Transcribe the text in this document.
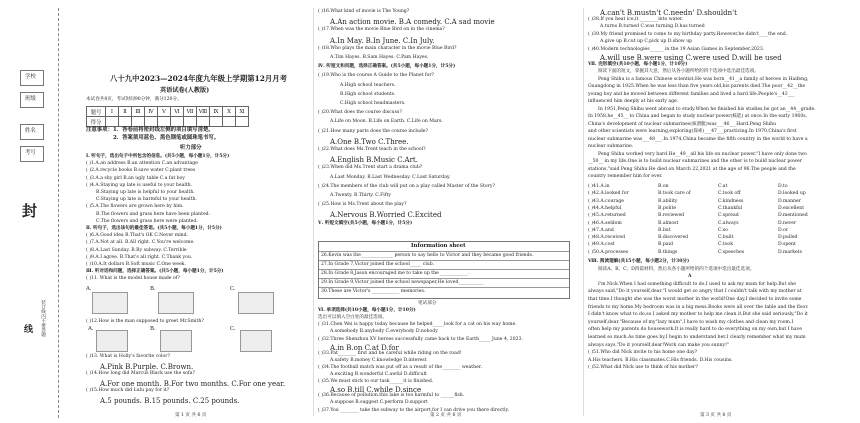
学校
班级
姓名
考号
封
线 装订线内不要答题
八十九中2023—2024年度九年级上学期第12月月考
英语试卷(人教版)
本试卷共8页，考试时间90分钟，满分120分。
题号	Ⅰ	Ⅱ	Ⅲ	Ⅳ	Ⅴ	Ⅵ	Ⅶ	Ⅷ	Ⅸ	Ⅹ	Ⅺ
得分											
注意事项：1．答卷前将密封线左侧的项目填写清楚。
2．答案须用蓝色、黑色钢笔或圆珠笔书写。
听力部分
Ⅰ. 听句子，选出句子中所包含的信息。(共5小题，每小题1分，计5分)
( )1.A.an address B.an attention C.an advantage
( )2.A.recycle books B.save water C.plant trees
( )3.A.a shy girl B.an ugly table C.a fat boy
( )4.A.Staying up late is useful to your health.
B.Staying up late is helpful to your health.
C.Staying up late is harmful to your health.
( )5.A.The flowers are grown here by him.
B.The flowers and grass here have been planted.
C.The flowers and grass here were planted.
Ⅱ. 听句子，选出该句的最佳答语。(共5小题，每小题1分，计5分)
( )6.A.Good idea B.That's OK C.Never mind.
( )7.A.Not at all. B.All right. C.You're welcome.
( )8.A.Last Sunday. B.By subway. C.Terrible
( )9.A.I agree. B.That's all right. C.Thank you.
( )10.A.It dollars B.Soft music C.One week.
Ⅲ. 听对话和问题，选择正确答案。(共5小题，每小题1分，计5分)
( )11. What is the model house made of?
A.	B.	C.
( )12.How is the man supposed to greet Mr.Smith?
A.	B.	C.
( )13. What is Holly's favorite color?
A.Pink B.Purple. C.Brown.
( )14.How long did Marcus Black use the sofa?
A.For one month. B.For two months. C.For one year.
( )15.How much did Lulu pay for it?
A.5 pounds. B.15 pounds. C.25 pounds.
第 1 页 共 6 页
( )16.What kind of movie is The Young?
A.An action movie. B.A comedy. C.A sad movie
( )17.When was the movie Blue Bird on in the cinema?
A.In May. B.In June. C.In July.
( )18.Who plays the main character in the movie Blue Bird?
A.Tim Hayes. B.Sam Hayes. C.Pam Hayes.
Ⅳ. 听短文和问题，选择正确答案。(共5小题，每小题1分，计5分)
( )19.Who is the course A Guide to the Planet for?
A.High school teachers.
B.High school students.
C.High school headmasters.
( )20.What does the course discuss?
A.Life on Moon. B.Life on Earth. C.Life on Mars.
( )21.How many parts does the course include?
A.One B.Two C.Three.
( )22.What does Ms.Trent teach in the school?
A.English B.Music C.Art.
( )23.When did Ms.Trent start a drama club?
A.Last Monday. B.Last Wednesday. C.Last Saturday.
( )24.The members of the club will put on a play called Master of the Story?
A.Twenty. B.Thirty. C.Fifty
( )25.How is Ms.Trent about the play?
A.Nervous B.Worried C.Excited
Ⅴ. 听短文填空(共5小题，每小题1分，计5分)
Information sheet
26.Kevin was the______________ person to say hello to Victor and they became good friends.
27.In Grade 7,Victor joined the school_____ club.
28.In Grade 8,Jason encouraged me to take up the ____________.
29.In Grade 9,Victor joined the school newspaper,He loved___________
30.These are Victor's ____________ memories.
笔试部分
Ⅵ. 单项选择(共10小题，每小题1分，计10分)
选出可以填入空白处的最佳选项。
( )31.Chen Wei is happy today because he helped_____look for a cat on his way home.
A.somebody B.anybody C.everybody D.nobody
( )32.Three Shenzhou XV heroes successfully came back to the Earth_____ June 4, 2023.
A.in B.on C.at D.for
( )33.Pat________ first and be careful while riding on the road!
A.safety B.money C.knowledge D.interest
( )34.The football match was put off as a result of the________ weather.
A.exciting B.wonderful C.awful D.difficult
( )35.We must stick to our task______it is finished.
A.so B.till C.while D.since
( )36.Because of pollution,this lake is too harmful to ______fish.
A.suppose B.suggest C.perform D.support
( )37.You ________ take the subway to the airport,for I can drive you there directly.
第 2 页 共 6 页
A.can't B.mustn't C.needn' D.shouldn't
( )38.If you heat ice,it ________into water.
A.turns B.turned C.was turning D.has turned
( )39.My friend promised to come to my birthday party.However,he didn't____the end.
A.give up B.cut up C.pick up D.show up
( )40.Modern technologies______ in the 19 Asian Games in September,2023.
A.will use B.were using C.were used D.will be used
Ⅶ. 完形填空(共10小题，每小题1分，计10分)
阅读下面的短文，掌握其大意，然后从各小题所给的四个选项中选出最佳选项。
Peng Shihu is a famous Chinese scientist.He was born__41__a family of heroes in Haifeng,
Guangdong in 1925.When he was less than five years old,his parents died.The poor__42__the
young boy and he moved between different families and lived a hard life.People's__43___
influenced him deeply at his early age.
In 1951,Peng Shihu went abroad to study.When he finished his studies,he got an__44__grade.
In 1958,he__45__ to China and began to study nuclear power(核能) at once.In the early 1960s,
China's development of nuclear submarines(核潜艇)was___46___Hard.Peng Shihu
and other scientists were learning,exploring(探索)___47___practicing.In 1970,China's first
nuclear submarine was___48___.In 1974,China became the fifth country in the world to have a
nuclear submarine.
Peng Shihu worked very hard.He__49__all his life on nuclear power."I have only done two
__50__ in my life.One is to build nuclear submarines and the other is to build nuclear power
stations,"said Peng Shihu.He died on March 22,2021 at the age of 96.The people and the
country remember him for ever.
( )41.A.in	B.on	C.at	D.to
( )42.A.looked for	B.took care of	C.took off	D.looked up
( )43.A.courage	B.ability	C.kindness	D.manner
( )44.A.helpful	B.polite	C.thankful	D.excellent
( )45.A.returned	B.reviewed	C.spread	D.mentioned
( )46.A.seldom	B.almost	C.always	D.never
( )47.A.and	B.but	C.so	D.or
( )48.A.received	B.discovered	C.built	D.pulled
( )49.A.cost	B.paid	C.took	D.spent
( )50.A.processes	B.things	C.speeches	D.markets
Ⅷ. 阅读理解(共15小题，每小题2分，计30分)
阅读A、B、C、D四篇材料，然后从各小题所给的四个选项中选出最佳选项。
A
I'm Nick.When I had something difficult to do,I used to ask my mum for help.But she
always said,"Do it yourself,dear."I would get so angry that I couldn't talk with my mother at
that time.I thought she was the worst mother in the world!One day,I decided to invite some
friends to my home.My bedroom was in a big mess.Books were all over the table and the floor.
I didn't know what to do,so I asked my mother to help me clean it.But she said seriously,"Do it
yourself,dear."Because of my"lazy mum",I have to wash my clothes and clean my room.I
often help my parents do housework.It is really hard to do everything on my own,but I have
learned so much.As time goes by,I begin to understand her.I clearly remember what my mum
always says,"Do it yourself,dear!Work can make you sunny!"
( )51.Who did Nick invite to his home one day?
A.His teachers. B.His classmates.C.His friends. D.His cousins.
( )52.What did Nick use to think of his mother?
第 3 页 共 6 页
